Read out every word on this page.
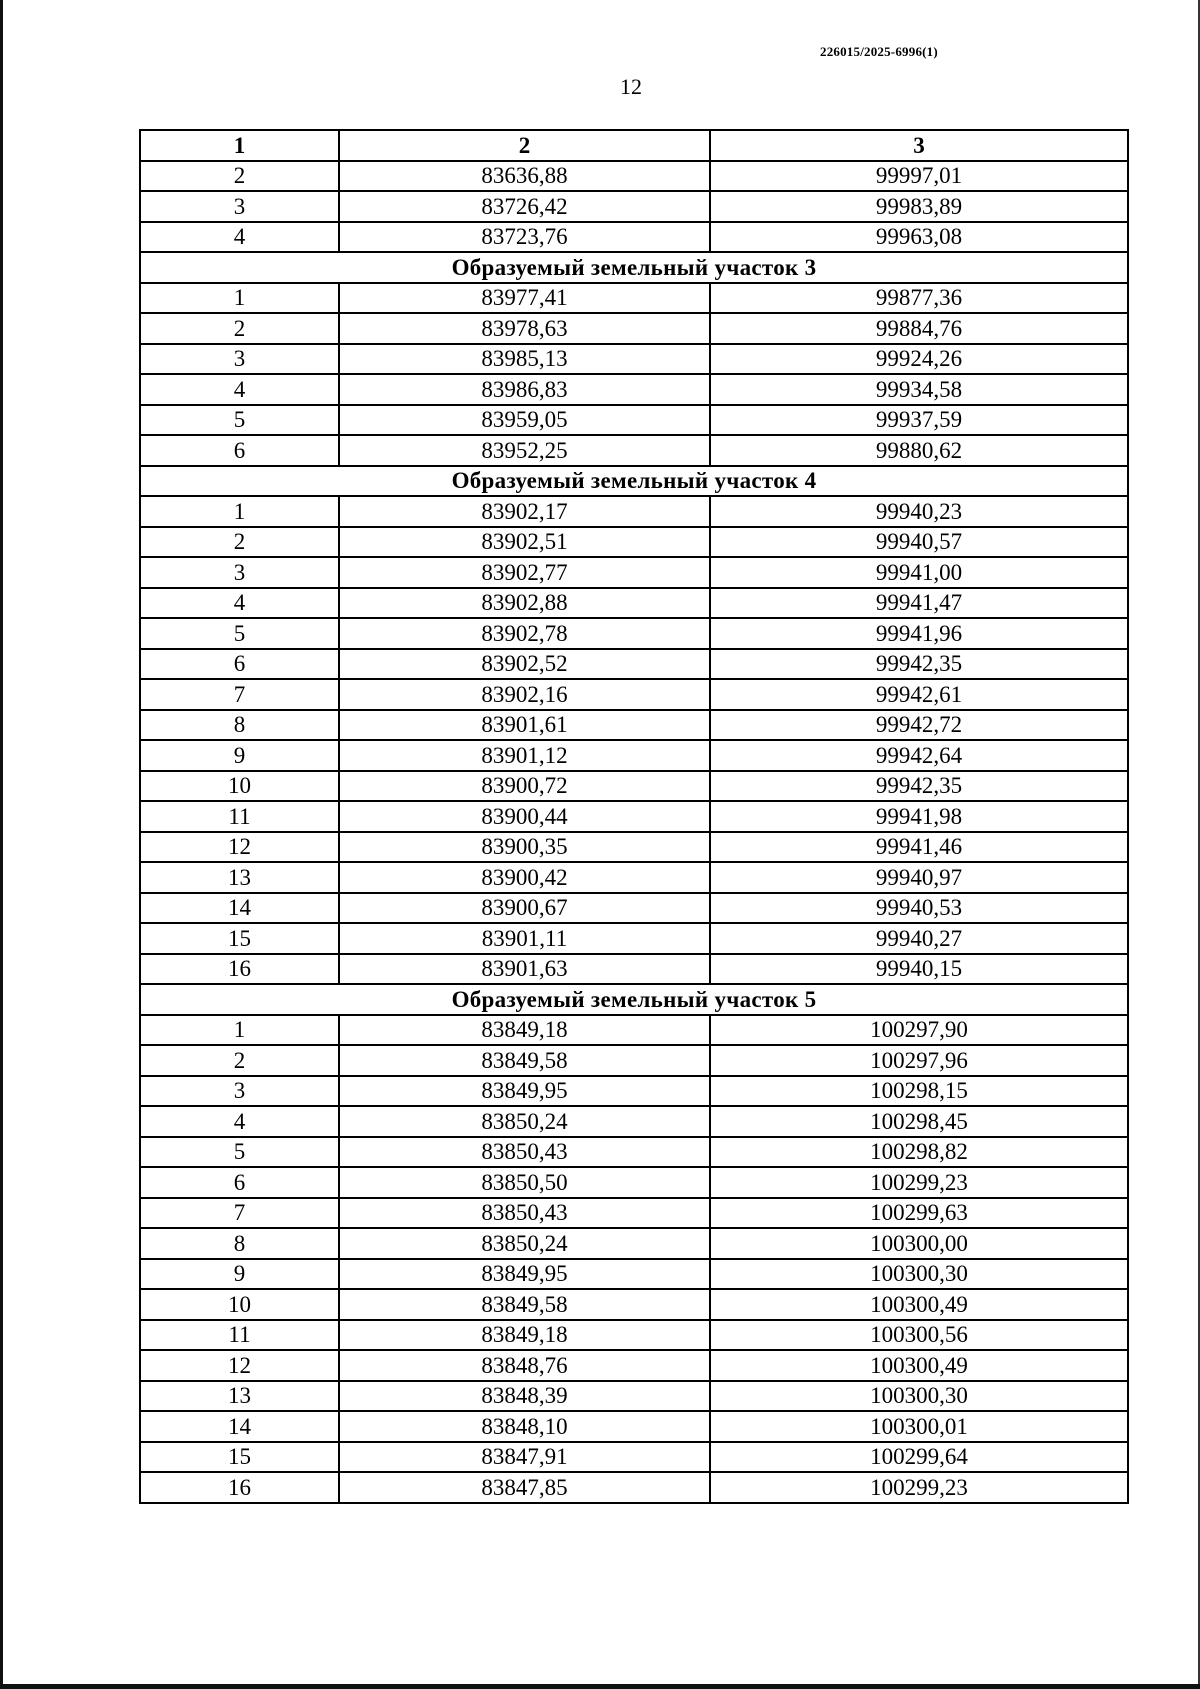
226015/2025-6996(1)
12
1	2	3
2	83636,88	99997,01
3	83726,42	99983,89
4	83723,76	99963,08
Образуемый земельный участок 3		
1	83977,41	99877,36
2	83978,63	99884,76
3	83985,13	99924,26
4	83986,83	99934,58
5	83959,05	99937,59
6	83952,25	99880,62
Образуемый земельный участок 4		
1	83902,17	99940,23
2	83902,51	99940,57
3	83902,77	99941,00
4	83902,88	99941,47
5	83902,78	99941,96
6	83902,52	99942,35
7	83902,16	99942,61
8	83901,61	99942,72
9	83901,12	99942,64
10	83900,72	99942,35
11	83900,44	99941,98
12	83900,35	99941,46
13	83900,42	99940,97
14	83900,67	99940,53
15	83901,11	99940,27
16	83901,63	99940,15
Образуемый земельный участок 5		
1	83849,18	100297,90
2	83849,58	100297,96
3	83849,95	100298,15
4	83850,24	100298,45
5	83850,43	100298,82
6	83850,50	100299,23
7	83850,43	100299,63
8	83850,24	100300,00
9	83849,95	100300,30
10	83849,58	100300,49
11	83849,18	100300,56
12	83848,76	100300,49
13	83848,39	100300,30
14	83848,10	100300,01
15	83847,91	100299,64
16	83847,85	100299,23
